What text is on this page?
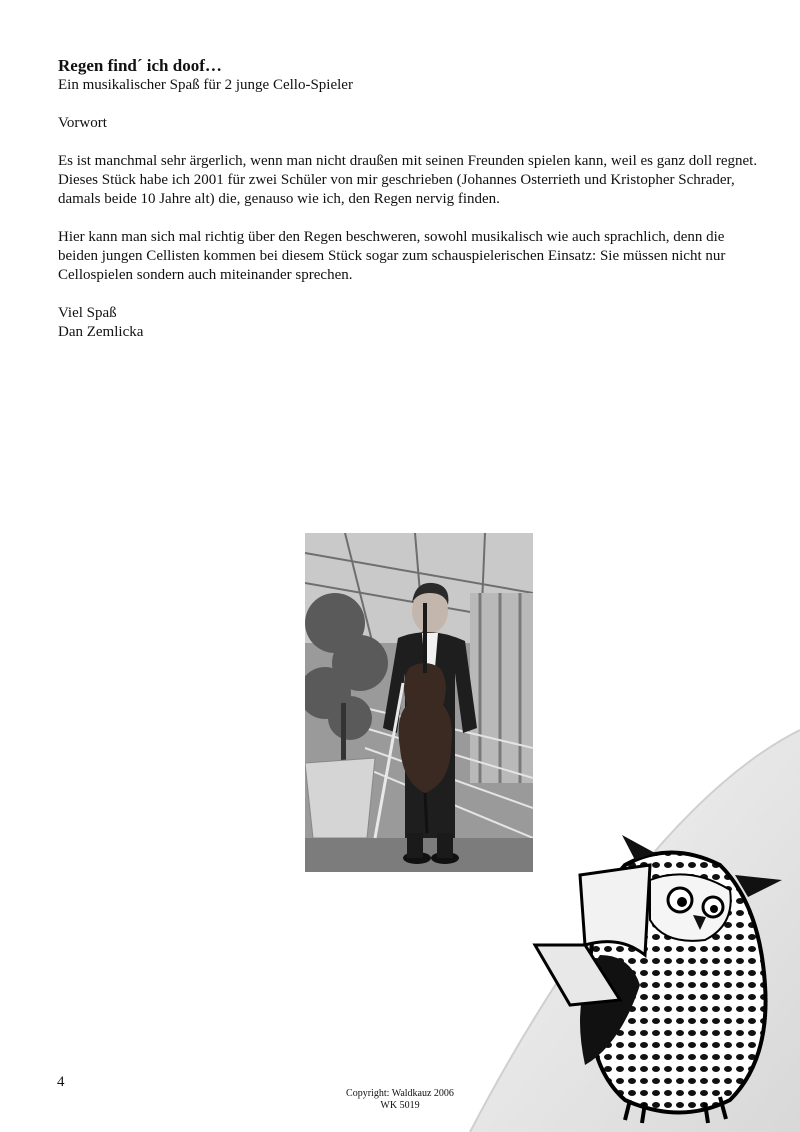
Regen find´ ich doof…

Ein musikalischer Spaß für 2 junge Cello-Spieler

Vorwort

Es ist manchmal sehr ärgerlich, wenn man nicht draußen mit seinen Freunden spielen kann, weil es ganz doll regnet.

Dieses Stück habe ich 2001 für zwei Schüler von mir geschrieben (Johannes Osterrieth und Kristopher Schrader, damals beide 10 Jahre alt) die, genauso wie ich, den Regen nervig finden.

Hier kann man sich mal richtig über den Regen beschweren, sowohl musikalisch wie auch sprachlich, denn die beiden jungen Cellisten kommen bei diesem Stück sogar zum schauspielerischen Einsatz: Sie müssen nicht nur Cellospielen sondern auch miteinander sprechen.

Viel Spaß

Dan Zemlicka

4
Copyright: Waldkauz 2006
WK 5019
